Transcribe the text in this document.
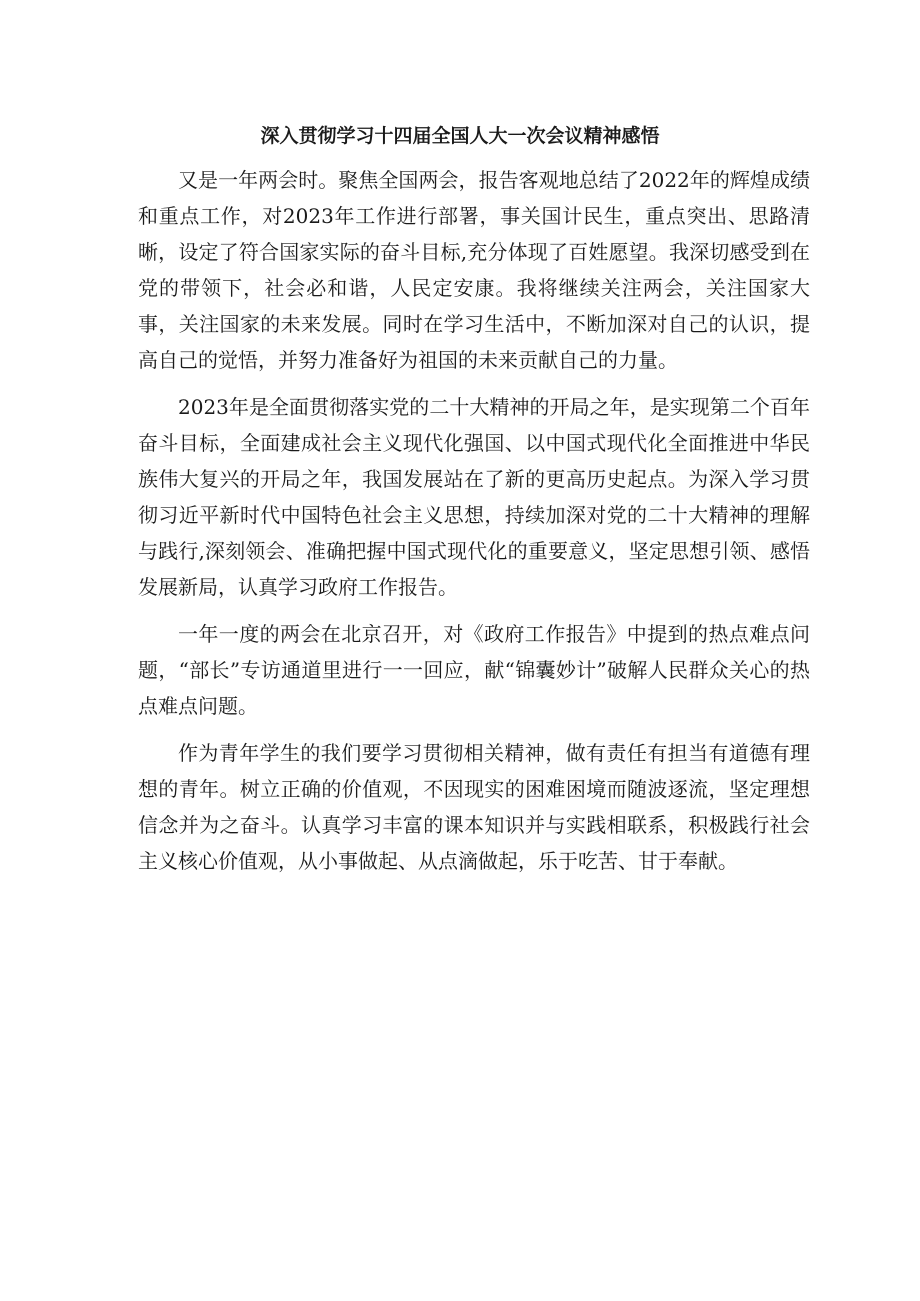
深入贯彻学习十四届全国人大一次会议精神感悟

又是一年两会时。聚焦全国两会，报告客观地总结了2022年的辉煌成绩和重点工作，对2023年工作进行部署，事关国计民生，重点突出、思路清晰，设定了符合国家实际的奋斗目标,充分体现了百姓愿望。我深切感受到在党的带领下，社会必和谐，人民定安康。我将继续关注两会，关注国家大事，关注国家的未来发展。同时在学习生活中，不断加深对自己的认识，提高自己的觉悟，并努力准备好为祖国的未来贡献自己的力量。

2023年是全面贯彻落实党的二十大精神的开局之年，是实现第二个百年奋斗目标，全面建成社会主义现代化强国、以中国式现代化全面推进中华民族伟大复兴的开局之年，我国发展站在了新的更高历史起点。为深入学习贯彻习近平新时代中国特色社会主义思想，持续加深对党的二十大精神的理解与践行,深刻领会、准确把握中国式现代化的重要意义，坚定思想引领、感悟发展新局，认真学习政府工作报告。

一年一度的两会在北京召开，对《政府工作报告》中提到的热点难点问题，“部长”专访通道里进行一一回应，献“锦囊妙计”破解人民群众关心的热点难点问题。

作为青年学生的我们要学习贯彻相关精神，做有责任有担当有道德有理想的青年。树立正确的价值观，不因现实的困难困境而随波逐流，坚定理想信念并为之奋斗。认真学习丰富的课本知识并与实践相联系，积极践行社会主义核心价值观，从小事做起、从点滴做起，乐于吃苦、甘于奉献。
